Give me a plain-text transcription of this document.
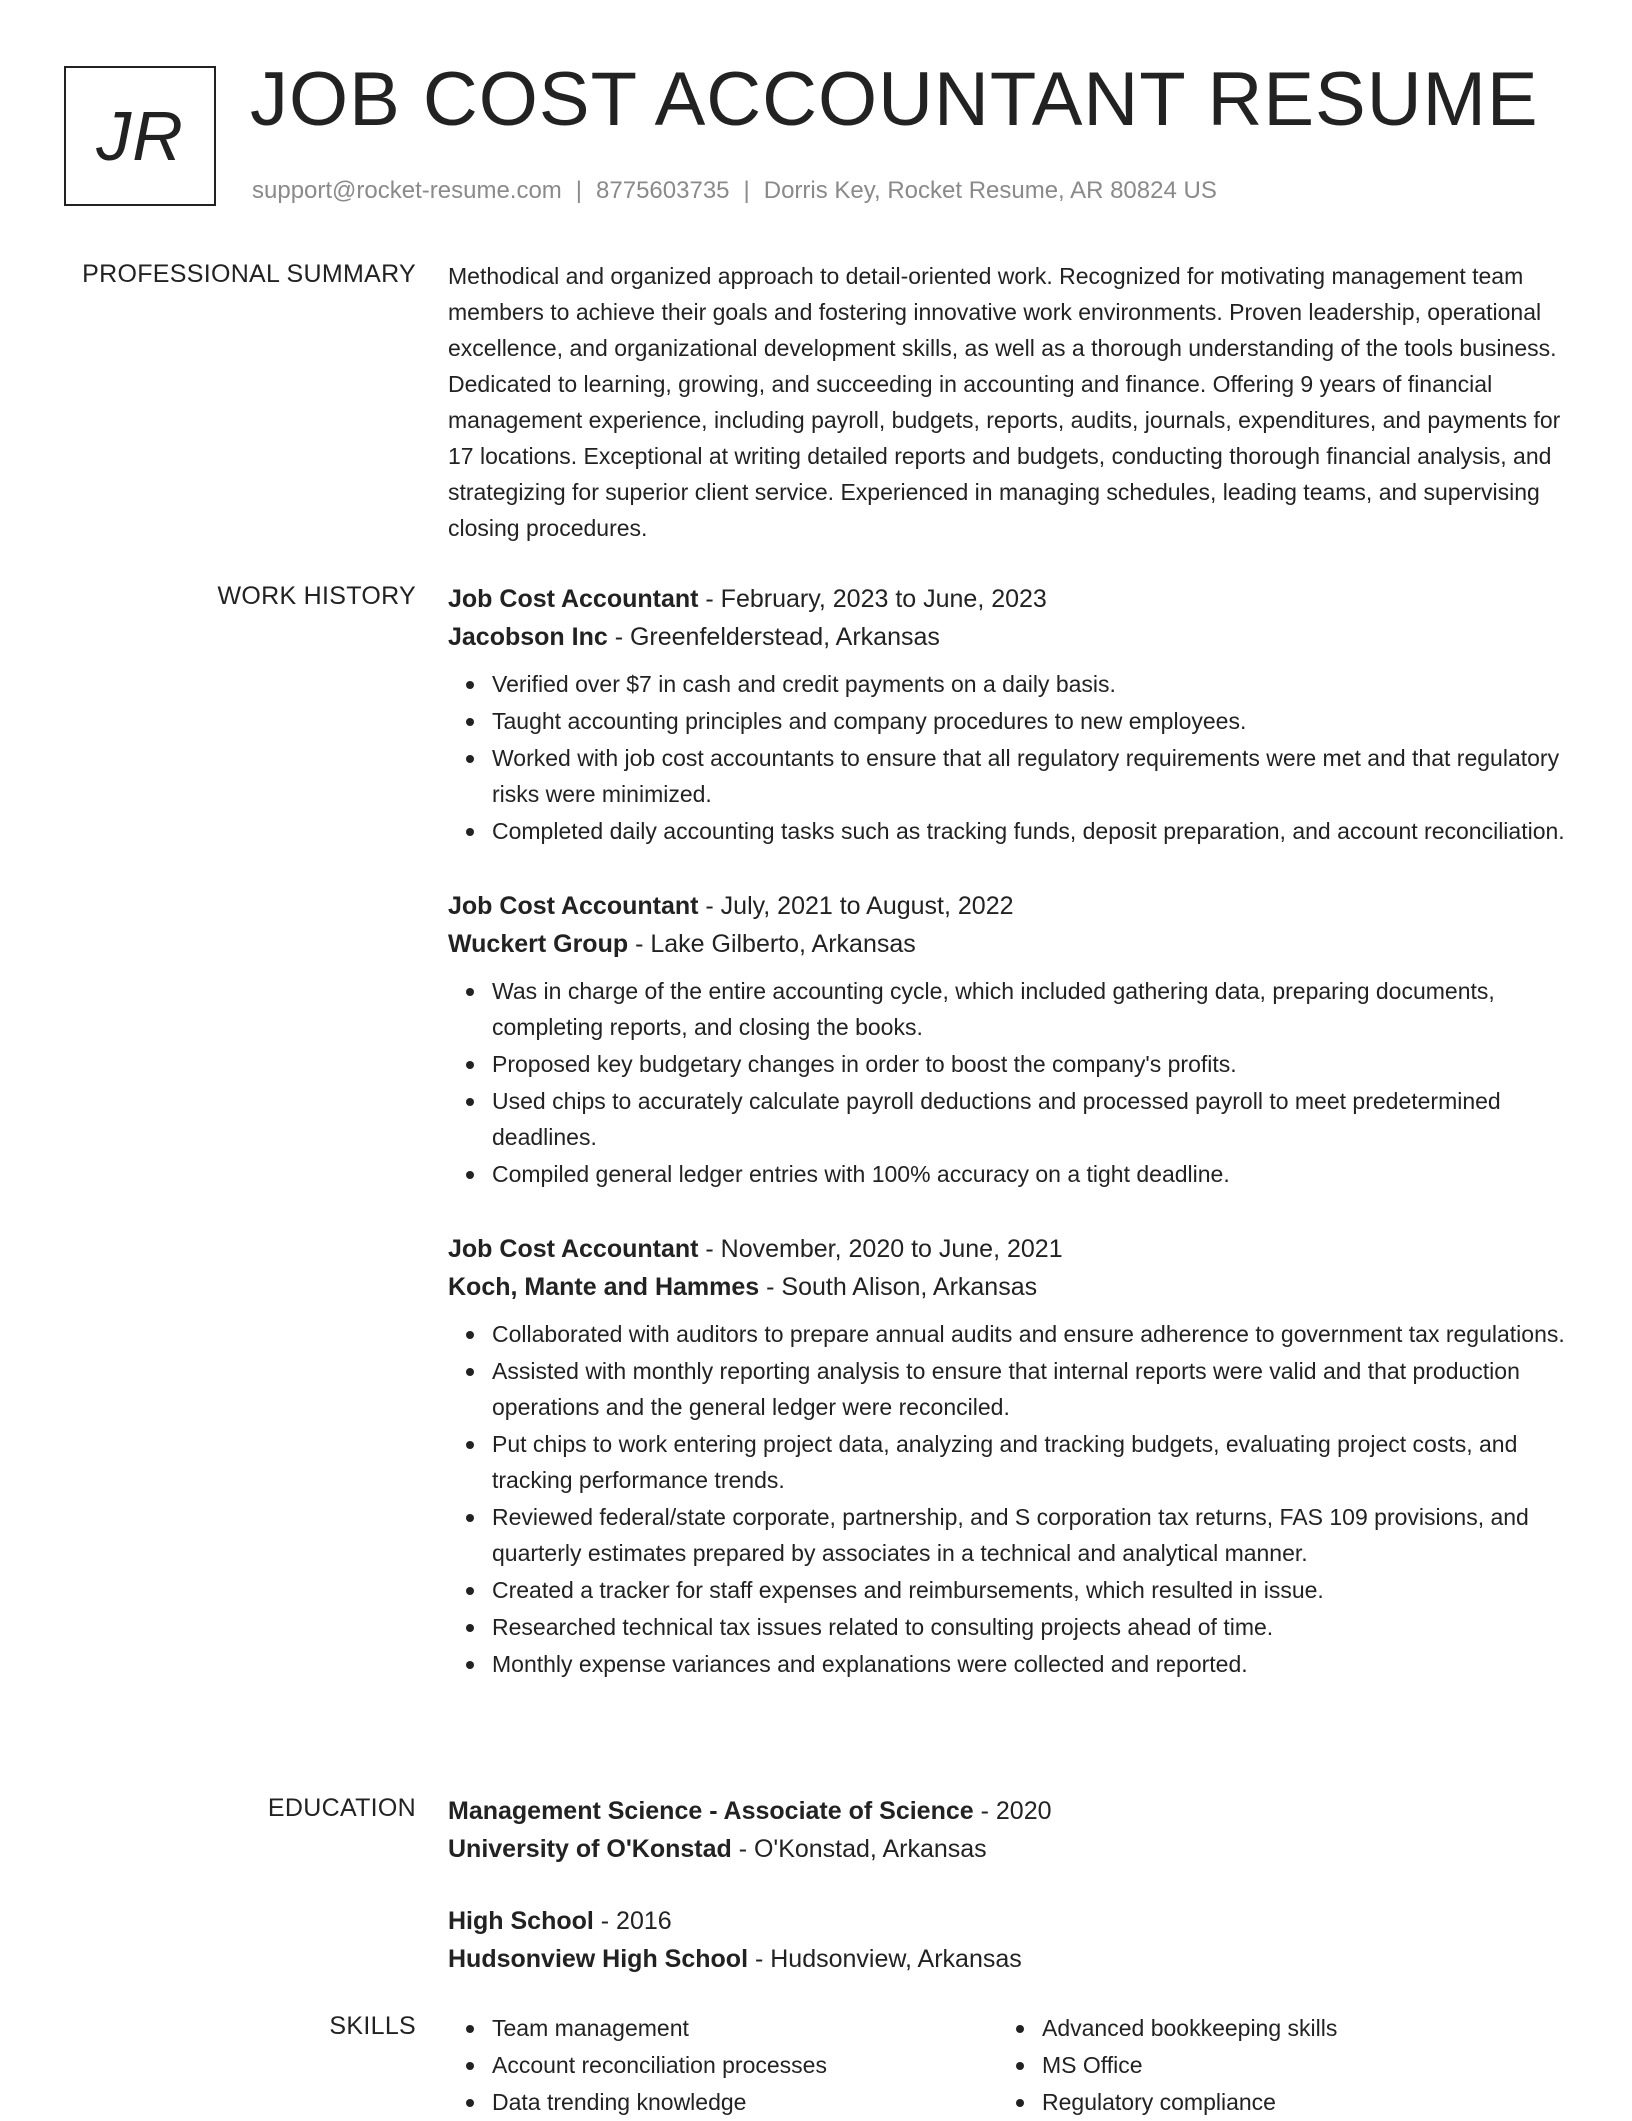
JR JOB COST ACCOUNTANT RESUME
support@rocket-resume.com | 8775603735 | Dorris Key, Rocket Resume, AR 80824 US
PROFESSIONAL SUMMARY Methodical and organized approach to detail-oriented work. Recognized for motivating management team members to achieve their goals and fostering innovative work environments. Proven leadership, operational excellence, and organizational development skills, as well as a thorough understanding of the tools business. Dedicated to learning, growing, and succeeding in accounting and finance. Offering 9 years of financial management experience, including payroll, budgets, reports, audits, journals, expenditures, and payments for 17 locations. Exceptional at writing detailed reports and budgets, conducting thorough financial analysis, and strategizing for superior client service. Experienced in managing schedules, leading teams, and supervising closing procedures.

WORK HISTORY Job Cost Accountant - February, 2023 to June, 2023
Jacobson Inc - Greenfelderstead, Arkansas
Verified over $7 in cash and credit payments on a daily basis.
Taught accounting principles and company procedures to new employees.
Worked with job cost accountants to ensure that all regulatory requirements were met and that regulatory risks were minimized.
Completed daily accounting tasks such as tracking funds, deposit preparation, and account reconciliation.
Job Cost Accountant - July, 2021 to August, 2022
Wuckert Group - Lake Gilberto, Arkansas
Was in charge of the entire accounting cycle, which included gathering data, preparing documents, completing reports, and closing the books.
Proposed key budgetary changes in order to boost the company's profits.
Used chips to accurately calculate payroll deductions and processed payroll to meet predetermined deadlines.
Compiled general ledger entries with 100% accuracy on a tight deadline.
Job Cost Accountant - November, 2020 to June, 2021
Koch, Mante and Hammes - South Alison, Arkansas
Collaborated with auditors to prepare annual audits and ensure adherence to government tax regulations.
Assisted with monthly reporting analysis to ensure that internal reports were valid and that production operations and the general ledger were reconciled.
Put chips to work entering project data, analyzing and tracking budgets, evaluating project costs, and tracking performance trends.
Reviewed federal/state corporate, partnership, and S corporation tax returns, FAS 109 provisions, and quarterly estimates prepared by associates in a technical and analytical manner.
Created a tracker for staff expenses and reimbursements, which resulted in issue.
Researched technical tax issues related to consulting projects ahead of time.
Monthly expense variances and explanations were collected and reported.
EDUCATION Management Science - Associate of Science - 2020
University of O'Konstad - O'Konstad, Arkansas
High School - 2016
Hudsonview High School - Hudsonview, Arkansas
SKILLS	Team management
Account reconciliation processes
Data trending knowledge
Advanced bookkeeping skills
MS Office
Regulatory compliance
